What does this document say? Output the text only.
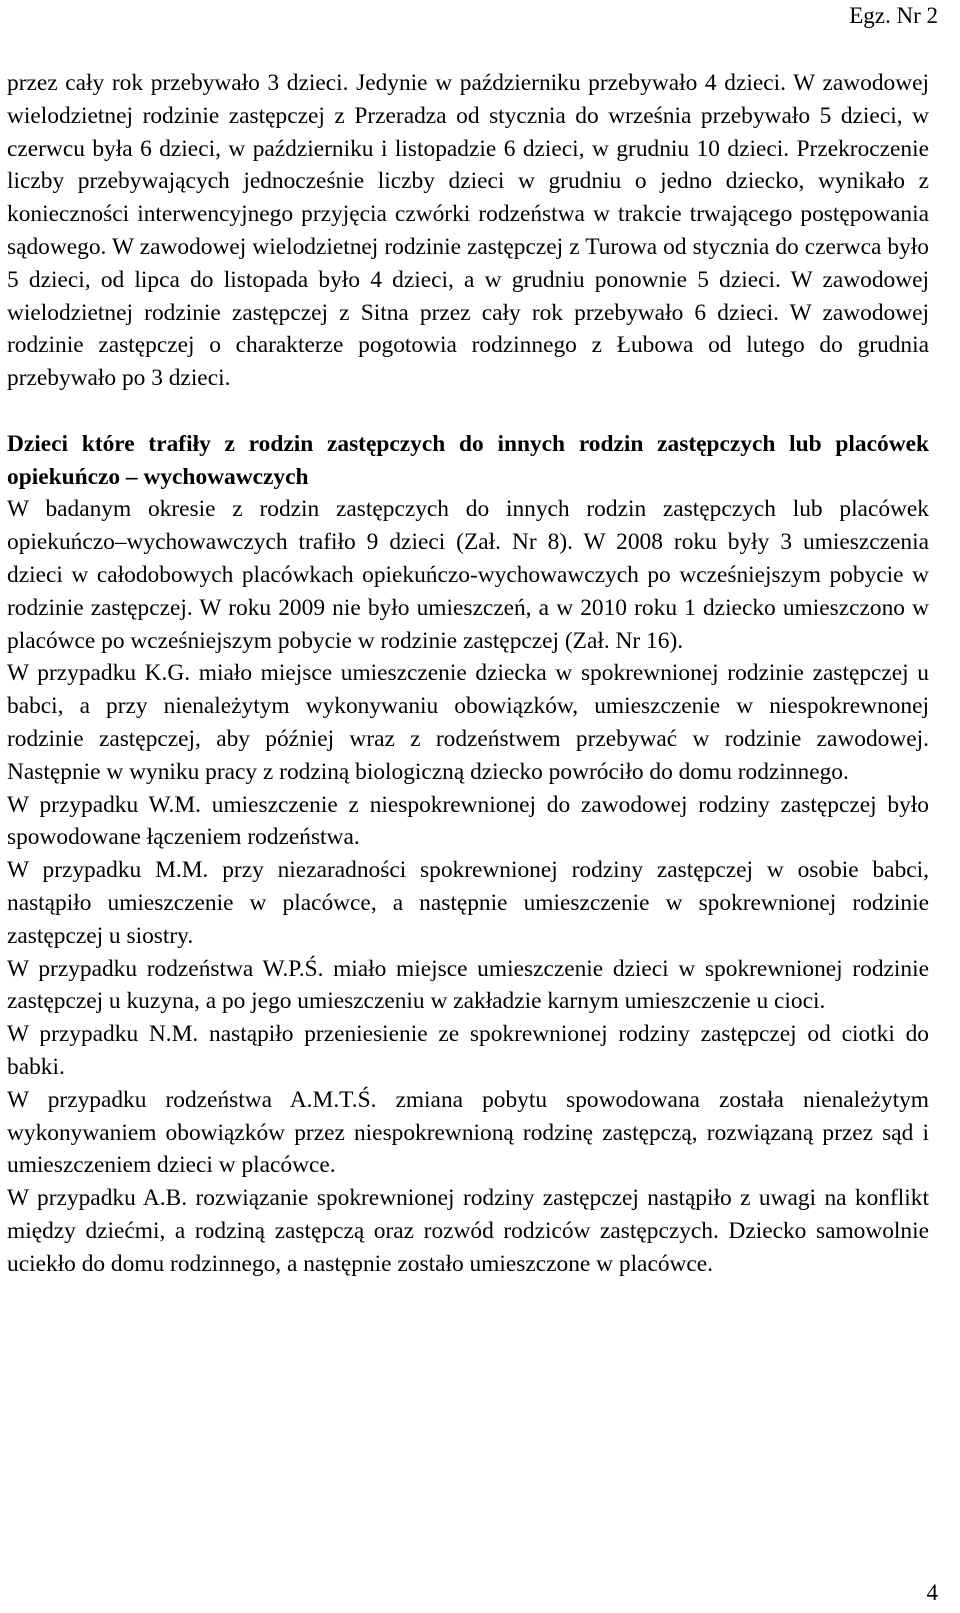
Egz. Nr 2

przez cały rok przebywało 3 dzieci. Jedynie w październiku przebywało 4 dzieci. W zawodowej wielodzietnej rodzinie zastępczej z Przeradza od stycznia do września przebywało 5 dzieci, w czerwcu była 6 dzieci, w październiku i listopadzie 6 dzieci, w grudniu 10 dzieci. Przekroczenie liczby przebywających jednocześnie liczby dzieci w grudniu o jedno dziecko, wynikało z konieczności interwencyjnego przyjęcia czwórki rodzeństwa w trakcie trwającego postępowania sądowego. W zawodowej wielodzietnej rodzinie zastępczej z Turowa od stycznia do czerwca było 5 dzieci, od lipca do listopada było 4 dzieci, a w grudniu ponownie 5 dzieci. W zawodowej wielodzietnej rodzinie zastępczej z Sitna przez cały rok przebywało 6 dzieci. W zawodowej rodzinie zastępczej o charakterze pogotowia rodzinnego z Łubowa od lutego do grudnia przebywało po 3 dzieci.

Dzieci które trafiły z rodzin zastępczych do innych rodzin zastępczych lub placówek opiekuńczo – wychowawczych

W badanym okresie z rodzin zastępczych do innych rodzin zastępczych lub placówek opiekuńczo–wychowawczych trafiło 9 dzieci (Zał. Nr 8). W 2008 roku były 3 umieszczenia dzieci w całodobowych placówkach opiekuńczo-wychowawczych po wcześniejszym pobycie w rodzinie zastępczej. W roku 2009 nie było umieszczeń, a w 2010 roku 1 dziecko umieszczono w placówce po wcześniejszym pobycie w rodzinie zastępczej (Zał. Nr 16).

W przypadku K.G. miało miejsce umieszczenie dziecka w spokrewnionej rodzinie zastępczej u babci, a przy nienależytym wykonywaniu obowiązków, umieszczenie w niespokrewnonej rodzinie zastępczej, aby później wraz z rodzeństwem przebywać w rodzinie zawodowej. Następnie w wyniku pracy z rodziną biologiczną dziecko powróciło do domu rodzinnego.

W przypadku W.M. umieszczenie z niespokrewnionej do zawodowej rodziny zastępczej było spowodowane łączeniem rodzeństwa.

W przypadku M.M. przy niezaradności spokrewnionej rodziny zastępczej w osobie babci, nastąpiło umieszczenie w placówce, a następnie umieszczenie w spokrewnionej rodzinie zastępczej u siostry.

W przypadku rodzeństwa W.P.Ś. miało miejsce umieszczenie dzieci w spokrewnionej rodzinie zastępczej u kuzyna, a po jego umieszczeniu w zakładzie karnym umieszczenie u cioci.

W przypadku N.M. nastąpiło przeniesienie ze spokrewnionej rodziny zastępczej od ciotki do babki.

W przypadku rodzeństwa A.M.T.Ś. zmiana pobytu spowodowana została nienależytym wykonywaniem obowiązków przez niespokrewnioną rodzinę zastępczą, rozwiązaną przez sąd i umieszczeniem dzieci w placówce.

W przypadku A.B. rozwiązanie spokrewnionej rodziny zastępczej nastąpiło z uwagi na konflikt między dziećmi, a rodziną zastępczą oraz rozwód rodziców zastępczych. Dziecko samowolnie uciekło do domu rodzinnego, a następnie zostało umieszczone w placówce.

4
